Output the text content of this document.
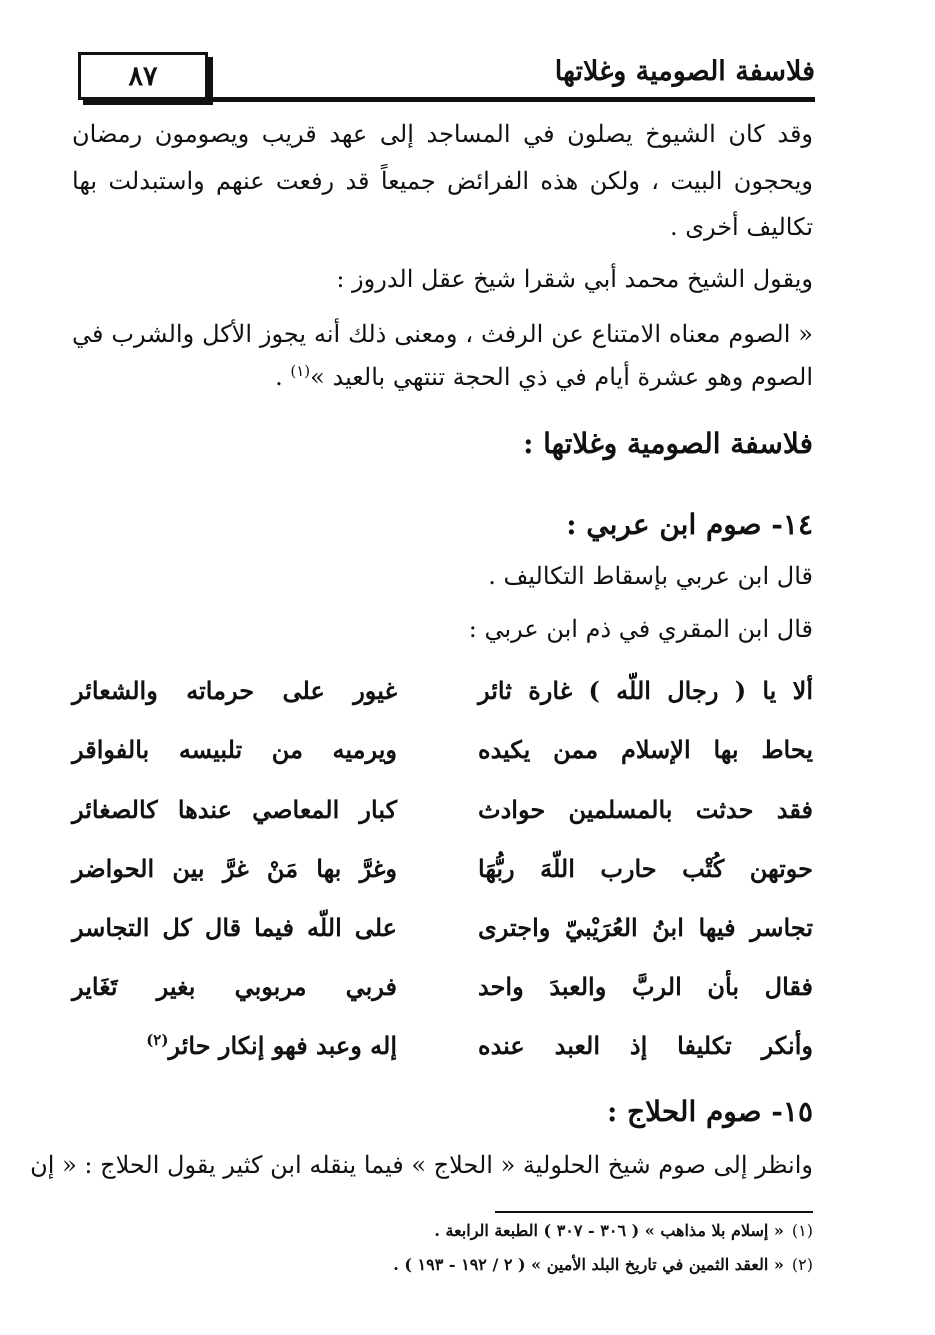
٨٧	فلاسفة الصومية وغلاتها
وقد كان الشيوخ يصلون في المساجد إلى عهد قريب ويصومون رمضان
ويحجون البيت ، ولكن هذه الفرائض جميعاً قد رفعت عنهم واستبدلت بها
تكاليف أخرى .
ويقول الشيخ محمد أبي شقرا شيخ عقل الدروز :
« الصوم معناه الامتناع عن الرفث ، ومعنى ذلك أنه يجوز الأكل والشرب في
الصوم وهو عشرة أيام في ذي الحجة تنتهي بالعيد »$^{(١)}$ .
فلاسفة الصومية وغلاتها :
١٤- صوم ابن عربي :
قال ابن عربي بإسقاط التكاليف .
قال ابن المقري في ذم ابن عربي :
ألا يا ( رجال اللّه ) غارة ثائر
غيور على حرماته والشعائر
يحاط بها الإسلام ممن يكيده
ويرميه من تلبيسه بالفواقر
فقد حدثت بالمسلمين حوادث
كبار المعاصي عندها كالصغائر
حوتهن كُتْب حارب اللّهَ ربُّهَا
وغرَّ بها مَنْ غرَّ بين الحواضر
تجاسر فيها ابنُ العُرَيْبيّ واجترى
على اللّه فيما قال كل التجاسر
فقال بأن الربَّ والعبدَ واحد
فربي مربوبي بغير تَغَاير
وأنكر تكليفا إذ العبد عنده
إله وعبد فهو إنكار حائر$^{(٢)}$
١٥- صوم الحلاج :
وانظر إلى صوم شيخ الحلولية « الحلاج » فيما ينقله ابن كثير يقول الحلاج : « إن
(١)« إسلام بلا مذاهب » ( ٣٠٦ - ٣٠٧ ) الطبعة الرابعة .
(٢)« العقد الثمين في تاريخ البلد الأمين » ( ٢ / ١٩٢ - ١٩٣ ) .
